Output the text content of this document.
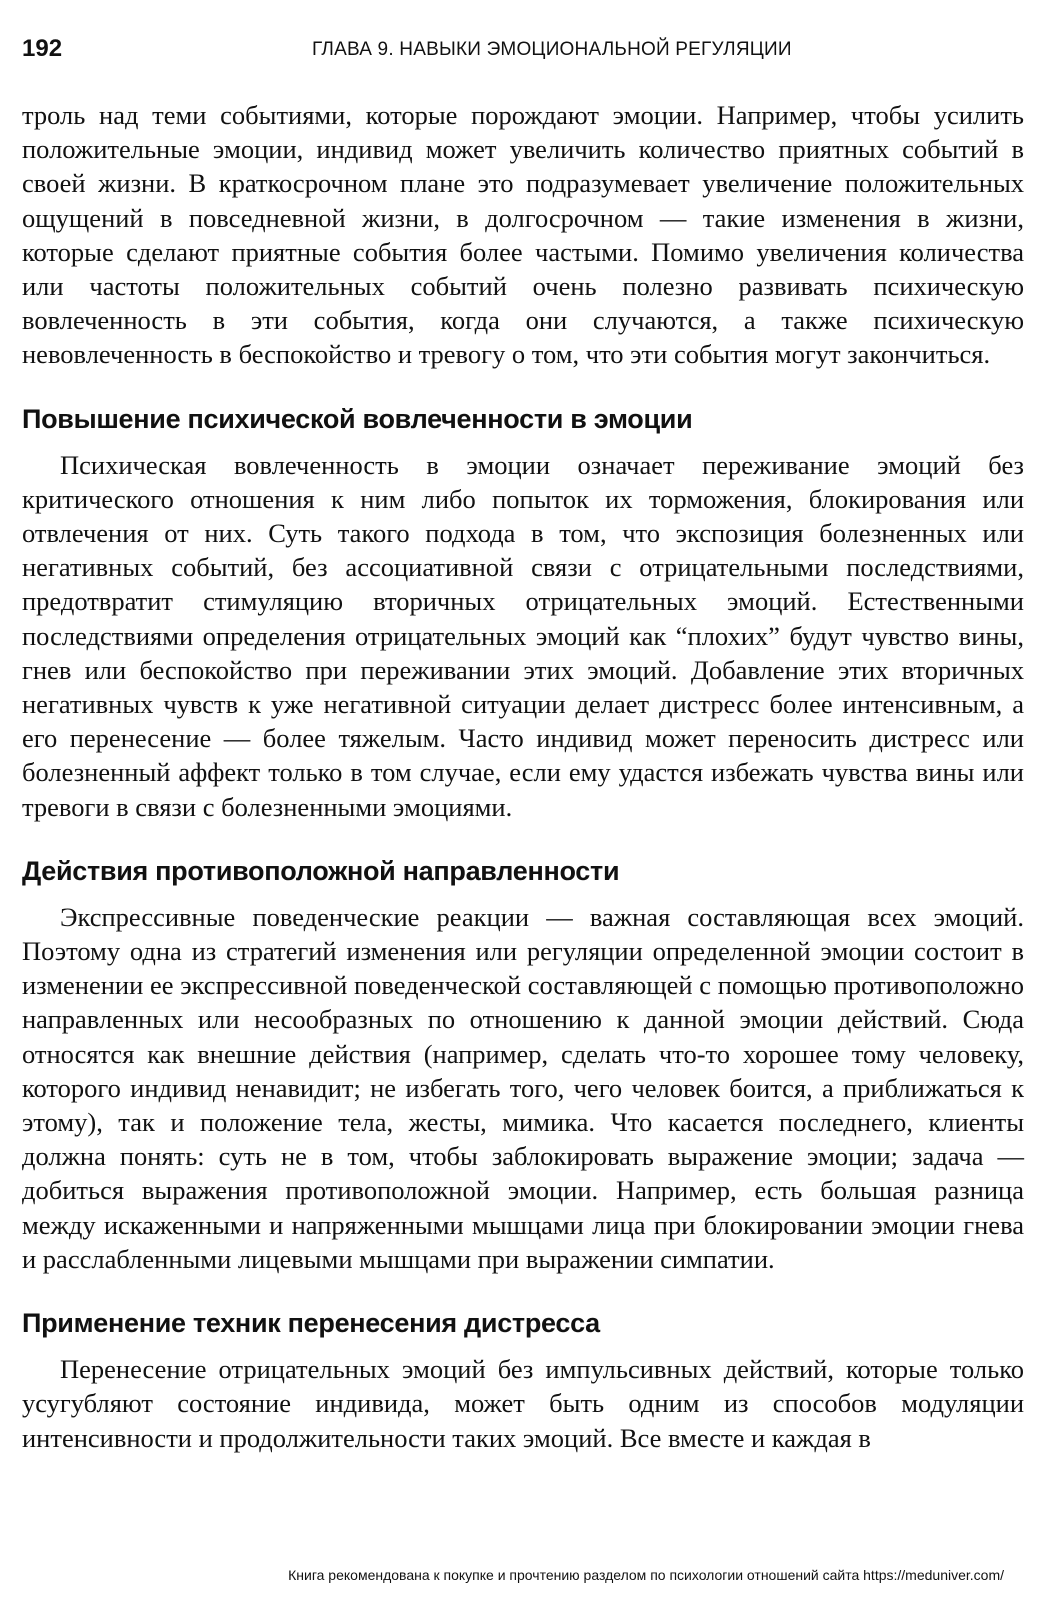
192	ГЛАВА 9. НАВЫКИ ЭМОЦИОНАЛЬНОЙ РЕГУЛЯЦИИ

троль над теми событиями, которые порождают эмоции. Например, чтобы усилить положительные эмоции, индивид может увеличить количество приятных событий в своей жизни. В краткосрочном плане это подразумевает увеличение положительных ощущений в повседневной жизни, в долгосрочном — такие изменения в жизни, которые сделают приятные события более частыми. Помимо увеличения количества или частоты положительных событий очень полезно развивать психическую вовлеченность в эти события, когда они случаются, а также психическую невовлеченность в беспокойство и тревогу о том, что эти события могут закончиться.

Повышение психической вовлеченности в эмоции

Психическая вовлеченность в эмоции означает переживание эмоций без критического отношения к ним либо попыток их торможения, блокирования или отвлечения от них. Суть такого подхода в том, что экспозиция болезненных или негативных событий, без ассоциативной связи с отрицательными последствиями, предотвратит стимуляцию вторичных отрицательных эмоций. Естественными последствиями определения отрицательных эмоций как “плохих” будут чувство вины, гнев или беспокойство при переживании этих эмоций. Добавление этих вторичных негативных чувств к уже негативной ситуации делает дистресс более интенсивным, а его перенесение — более тяжелым. Часто индивид может переносить дистресс или болезненный аффект только в том случае, если ему удастся избежать чувства вины или тревоги в связи с болезненными эмоциями.

Действия противоположной направленности

Экспрессивные поведенческие реакции — важная составляющая всех эмоций. Поэтому одна из стратегий изменения или регуляции определенной эмоции состоит в изменении ее экспрессивной поведенческой составляющей с помощью противоположно направленных или несообразных по отношению к данной эмоции действий. Сюда относятся как внешние действия (например, сделать что-то хорошее тому человеку, которого индивид ненавидит; не избегать того, чего человек боится, а приближаться к этому), так и положение тела, жесты, мимика. Что касается последнего, клиенты должна понять: суть не в том, чтобы заблокировать выражение эмоции; задача — добиться выражения противоположной эмоции. Например, есть большая разница между искаженными и напряженными мышцами лица при блокировании эмоции гнева и расслабленными лицевыми мышцами при выражении симпатии.

Применение техник перенесения дистресса

Перенесение отрицательных эмоций без импульсивных действий, которые только усугубляют состояние индивида, может быть одним из способов модуляции интенсивности и продолжительности таких эмоций. Все вместе и каждая в

Книга рекомендована к покупке и прочтению разделом по психологии отношений сайта https://meduniver.com/
